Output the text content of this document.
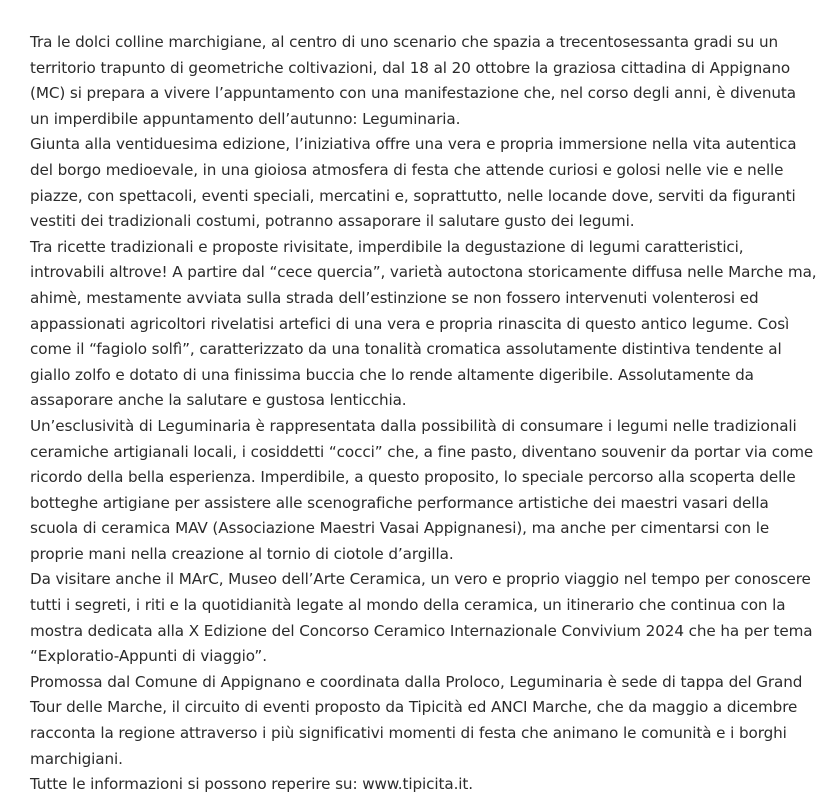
Tra le dolci colline marchigiane, al centro di uno scenario che spazia a trecentosessanta gradi su un territorio trapunto di geometriche coltivazioni, dal 18 al 20 ottobre la graziosa cittadina di Appignano (MC) si prepara a vivere l’appuntamento con una manifestazione che, nel corso degli anni, è divenuta un imperdibile appuntamento dell’autunno: Leguminaria.

Giunta alla ventiduesima edizione, l’iniziativa offre una vera e propria immersione nella vita autentica del borgo medioevale, in una gioiosa atmosfera di festa che attende curiosi e golosi nelle vie e nelle piazze, con spettacoli, eventi speciali, mercatini e, soprattutto, nelle locande dove, serviti da figuranti vestiti dei tradizionali costumi, potranno assaporare il salutare gusto dei legumi.

Tra ricette tradizionali e proposte rivisitate, imperdibile la degustazione di legumi caratteristici, introvabili altrove! A partire dal “cece quercia”, varietà autoctona storicamente diffusa nelle Marche ma, ahimè, mestamente avviata sulla strada dell’estinzione se non fossero intervenuti volenterosi ed appassionati agricoltori rivelatisi artefici di una vera e propria rinascita di questo antico legume. Così come il “fagiolo solfì”, caratterizzato da una tonalità cromatica assolutamente distintiva tendente al giallo zolfo e dotato di una finissima buccia che lo rende altamente digeribile. Assolutamente da assaporare anche la salutare e gustosa lenticchia.

Un’esclusività di Leguminaria è rappresentata dalla possibilità di consumare i legumi nelle tradizionali ceramiche artigianali locali, i cosiddetti “cocci” che, a fine pasto, diventano souvenir da portar via come ricordo della bella esperienza. Imperdibile, a questo proposito, lo speciale percorso alla scoperta delle botteghe artigiane per assistere alle scenografiche performance artistiche dei maestri vasari della scuola di ceramica MAV (Associazione Maestri Vasai Appignanesi), ma anche per cimentarsi con le proprie mani nella creazione al tornio di ciotole d’argilla.

Da visitare anche il MArC, Museo dell’Arte Ceramica, un vero e proprio viaggio nel tempo per conoscere tutti i segreti, i riti e la quotidianità legate al mondo della ceramica, un itinerario che continua con la mostra dedicata alla X Edizione del Concorso Ceramico Internazionale Convivium 2024 che ha per tema “Exploratio-Appunti di viaggio”.

Promossa dal Comune di Appignano e coordinata dalla Proloco, Leguminaria è sede di tappa del Grand Tour delle Marche, il circuito di eventi proposto da Tipicità ed ANCI Marche, che da maggio a dicembre racconta la regione attraverso i più significativi momenti di festa che animano le comunità e i borghi marchigiani.

Tutte le informazioni si possono reperire su: www.tipicita.it.
